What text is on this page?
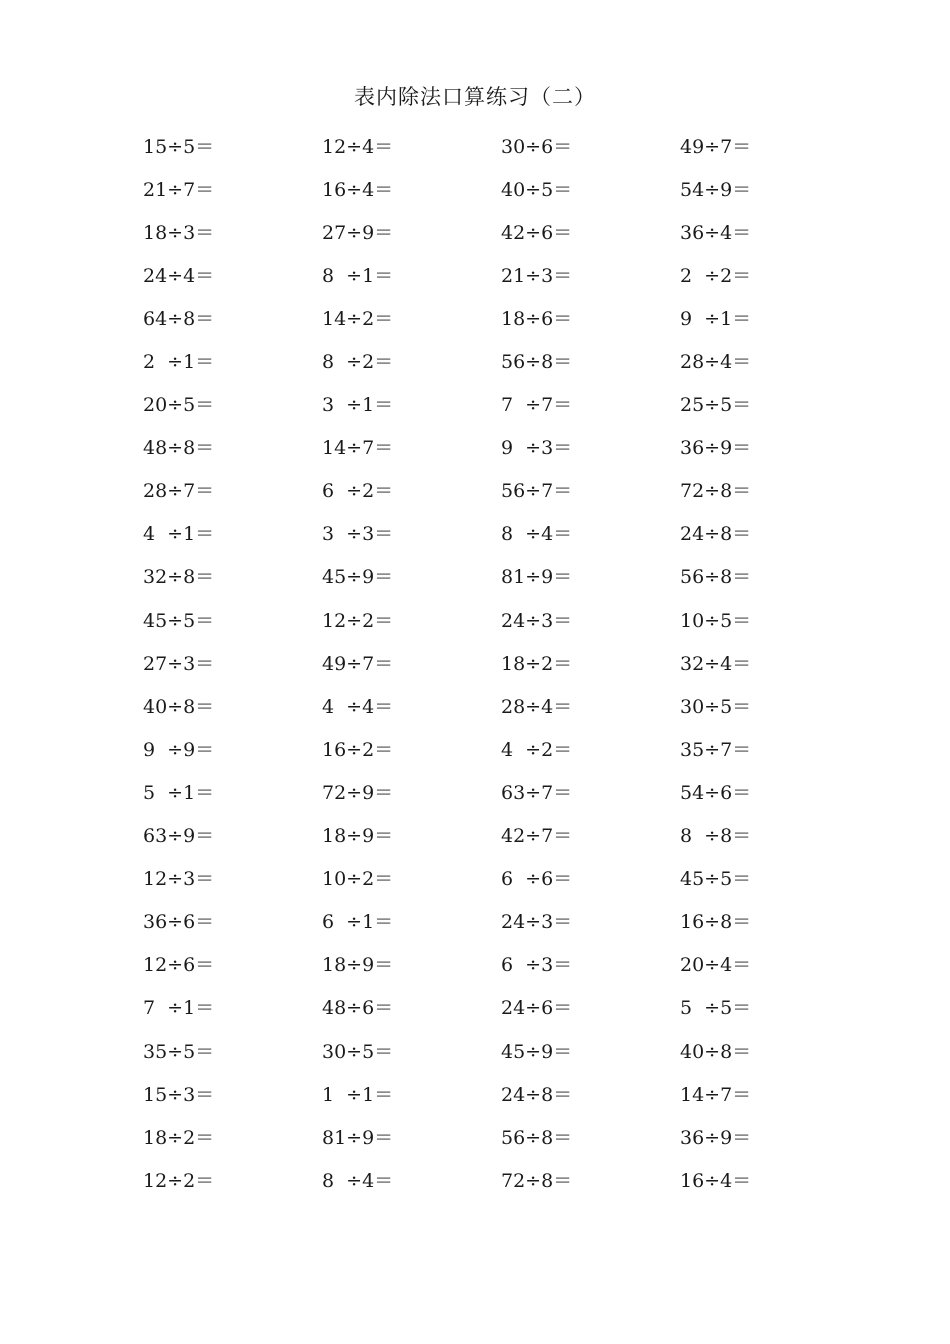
表内除法口算练习（二）
15÷5＝	12÷4＝	30÷6＝	49÷7＝
21÷7＝	16÷4＝	40÷5＝	54÷9＝
18÷3＝	27÷9＝	42÷6＝	36÷4＝
24÷4＝	8  ÷1＝	21÷3＝	2  ÷2＝
64÷8＝	14÷2＝	18÷6＝	9  ÷1＝
2  ÷1＝	8  ÷2＝	56÷8＝	28÷4＝
20÷5＝	3  ÷1＝	7  ÷7＝	25÷5＝
48÷8＝	14÷7＝	9  ÷3＝	36÷9＝
28÷7＝	6  ÷2＝	56÷7＝	72÷8＝
4  ÷1＝	3  ÷3＝	8  ÷4＝	24÷8＝
32÷8＝	45÷9＝	81÷9＝	56÷8＝
45÷5＝	12÷2＝	24÷3＝	10÷5＝
27÷3＝	49÷7＝	18÷2＝	32÷4＝
40÷8＝	4  ÷4＝	28÷4＝	30÷5＝
9  ÷9＝	16÷2＝	4  ÷2＝	35÷7＝
5  ÷1＝	72÷9＝	63÷7＝	54÷6＝
63÷9＝	18÷9＝	42÷7＝	8  ÷8＝
12÷3＝	10÷2＝	6  ÷6＝	45÷5＝
36÷6＝	6  ÷1＝	24÷3＝	16÷8＝
12÷6＝	18÷9＝	6  ÷3＝	20÷4＝
7  ÷1＝	48÷6＝	24÷6＝	5  ÷5＝
35÷5＝	30÷5＝	45÷9＝	40÷8＝
15÷3＝	1  ÷1＝	24÷8＝	14÷7＝
18÷2＝	81÷9＝	56÷8＝	36÷9＝
12÷2＝	8  ÷4＝	72÷8＝	16÷4＝
